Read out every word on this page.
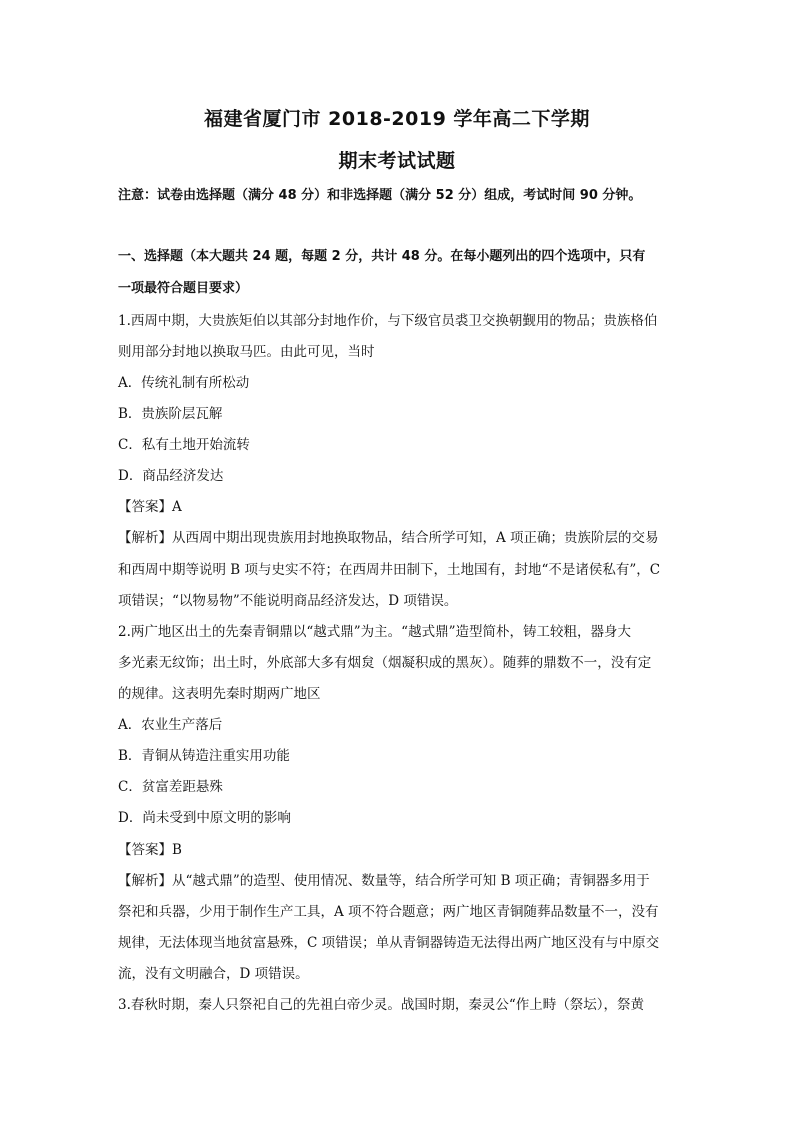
福建省厦门市 2018-2019 学年高二下学期
期末考试试题
注意：试卷由选择题（满分 48 分）和非选择题（满分 52 分）组成，考试时间 90 分钟。
一、选择题（本大题共 24 题，每题 2 分，共计 48 分。在每小题列出的四个选项中，只有
一项最符合题目要求）
1.西周中期，大贵族矩伯以其部分封地作价，与下级官员裘卫交换朝觐用的物品；贵族格伯
则用部分封地以换取马匹。由此可见，当时
A．传统礼制有所松动
B．贵族阶层瓦解
C．私有土地开始流转
D．商品经济发达
【答案】A
【解析】从西周中期出现贵族用封地换取物品，结合所学可知，A 项正确；贵族阶层的交易
和西周中期等说明 B 项与史实不符；在西周井田制下，土地国有，封地“不是诸侯私有”，C
项错误；“以物易物”不能说明商品经济发达，D 项错误。
2.两广地区出土的先秦青铜鼎以“越式鼎”为主。“越式鼎”造型简朴，铸工较粗，器身大
多光素无纹饰；出土时，外底部大多有烟炱（烟凝积成的黑灰）。随葬的鼎数不一，没有定
的规律。这表明先秦时期两广地区
A．农业生产落后
B．青铜从铸造注重实用功能
C．贫富差距悬殊
D．尚未受到中原文明的影响
【答案】B
【解析】从“越式鼎”的造型、使用情况、数量等，结合所学可知 B 项正确；青铜器多用于
祭祀和兵器，少用于制作生产工具，A 项不符合题意；两广地区青铜随葬品数量不一，没有
规律，无法体现当地贫富悬殊，C 项错误；单从青铜器铸造无法得出两广地区没有与中原交
流，没有文明融合，D 项错误。
3.春秋时期，秦人只祭祀自己的先祖白帝少灵。战国时期，秦灵公“作上畤（祭坛），祭黄
